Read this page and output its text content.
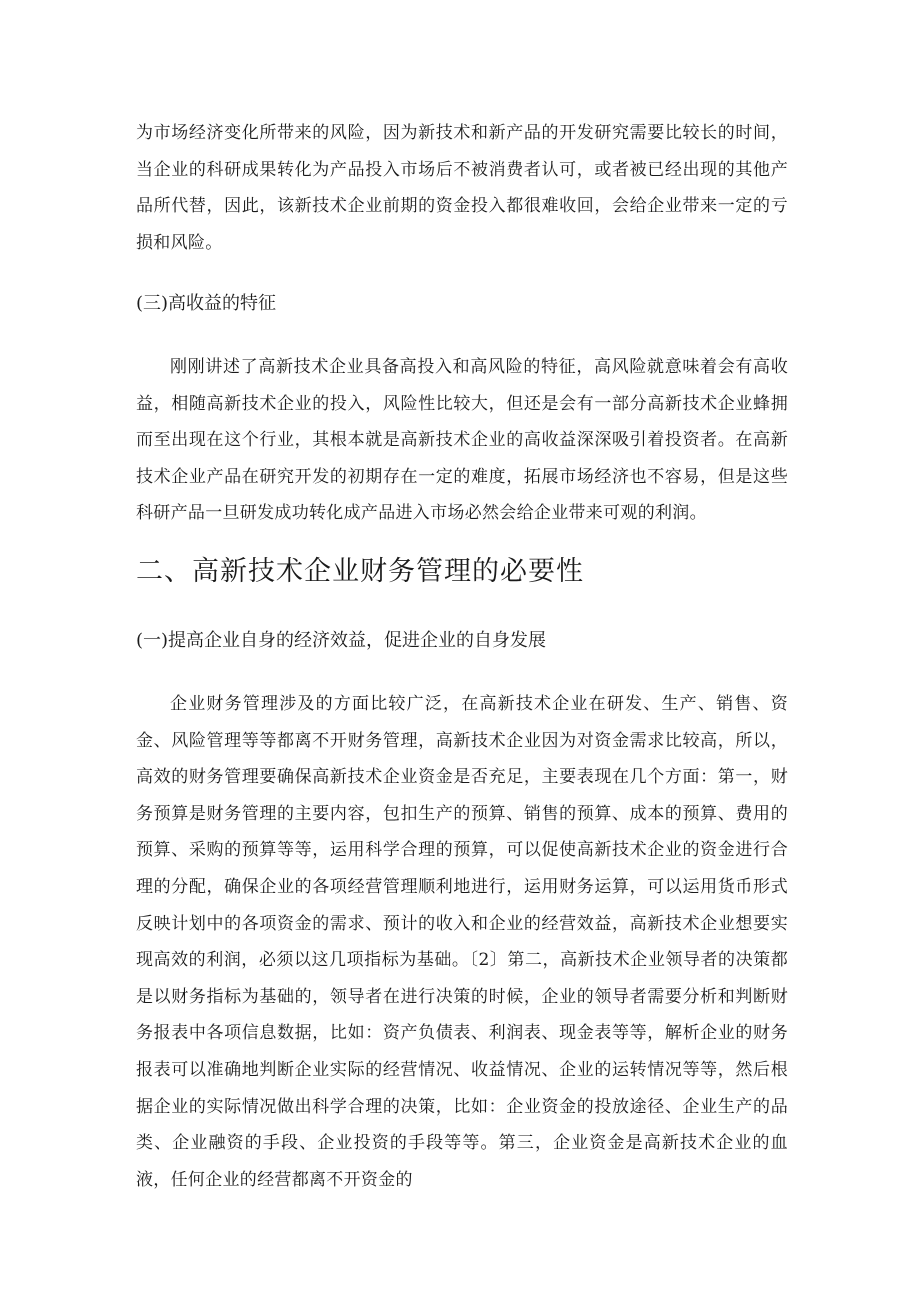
为市场经济变化所带来的风险，因为新技术和新产品的开发研究需要比较长的时间，当企业的科研成果转化为产品投入市场后不被消费者认可，或者被已经出现的其他产品所代替，因此，该新技术企业前期的资金投入都很难收回，会给企业带来一定的亏损和风险。

(三)高收益的特征

刚刚讲述了高新技术企业具备高投入和高风险的特征，高风险就意味着会有高收益，相随高新技术企业的投入，风险性比较大，但还是会有一部分高新技术企业蜂拥而至出现在这个行业，其根本就是高新技术企业的高收益深深吸引着投资者。在高新技术企业产品在研究开发的初期存在一定的难度，拓展市场经济也不容易，但是这些科研产品一旦研发成功转化成产品进入市场必然会给企业带来可观的利润。

二、高新技术企业财务管理的必要性

(一)提高企业自身的经济效益，促进企业的自身发展

企业财务管理涉及的方面比较广泛，在高新技术企业在研发、生产、销售、资金、风险管理等等都离不开财务管理，高新技术企业因为对资金需求比较高，所以，高效的财务管理要确保高新技术企业资金是否充足，主要表现在几个方面：第一，财务预算是财务管理的主要内容，包扣生产的预算、销售的预算、成本的预算、费用的预算、采购的预算等等，运用科学合理的预算，可以促使高新技术企业的资金进行合理的分配，确保企业的各项经营管理顺利地进行，运用财务运算，可以运用货币形式反映计划中的各项资金的需求、预计的收入和企业的经营效益，高新技术企业想要实现高效的利润，必须以这几项指标为基础。〔2〕第二，高新技术企业领导者的决策都是以财务指标为基础的，领导者在进行决策的时候，企业的领导者需要分析和判断财务报表中各项信息数据，比如：资产负债表、利润表、现金表等等，解析企业的财务报表可以准确地判断企业实际的经营情况、收益情况、企业的运转情况等等，然后根据企业的实际情况做出科学合理的决策，比如：企业资金的投放途径、企业生产的品类、企业融资的手段、企业投资的手段等等。第三，企业资金是高新技术企业的血液，任何企业的经营都离不开资金的
